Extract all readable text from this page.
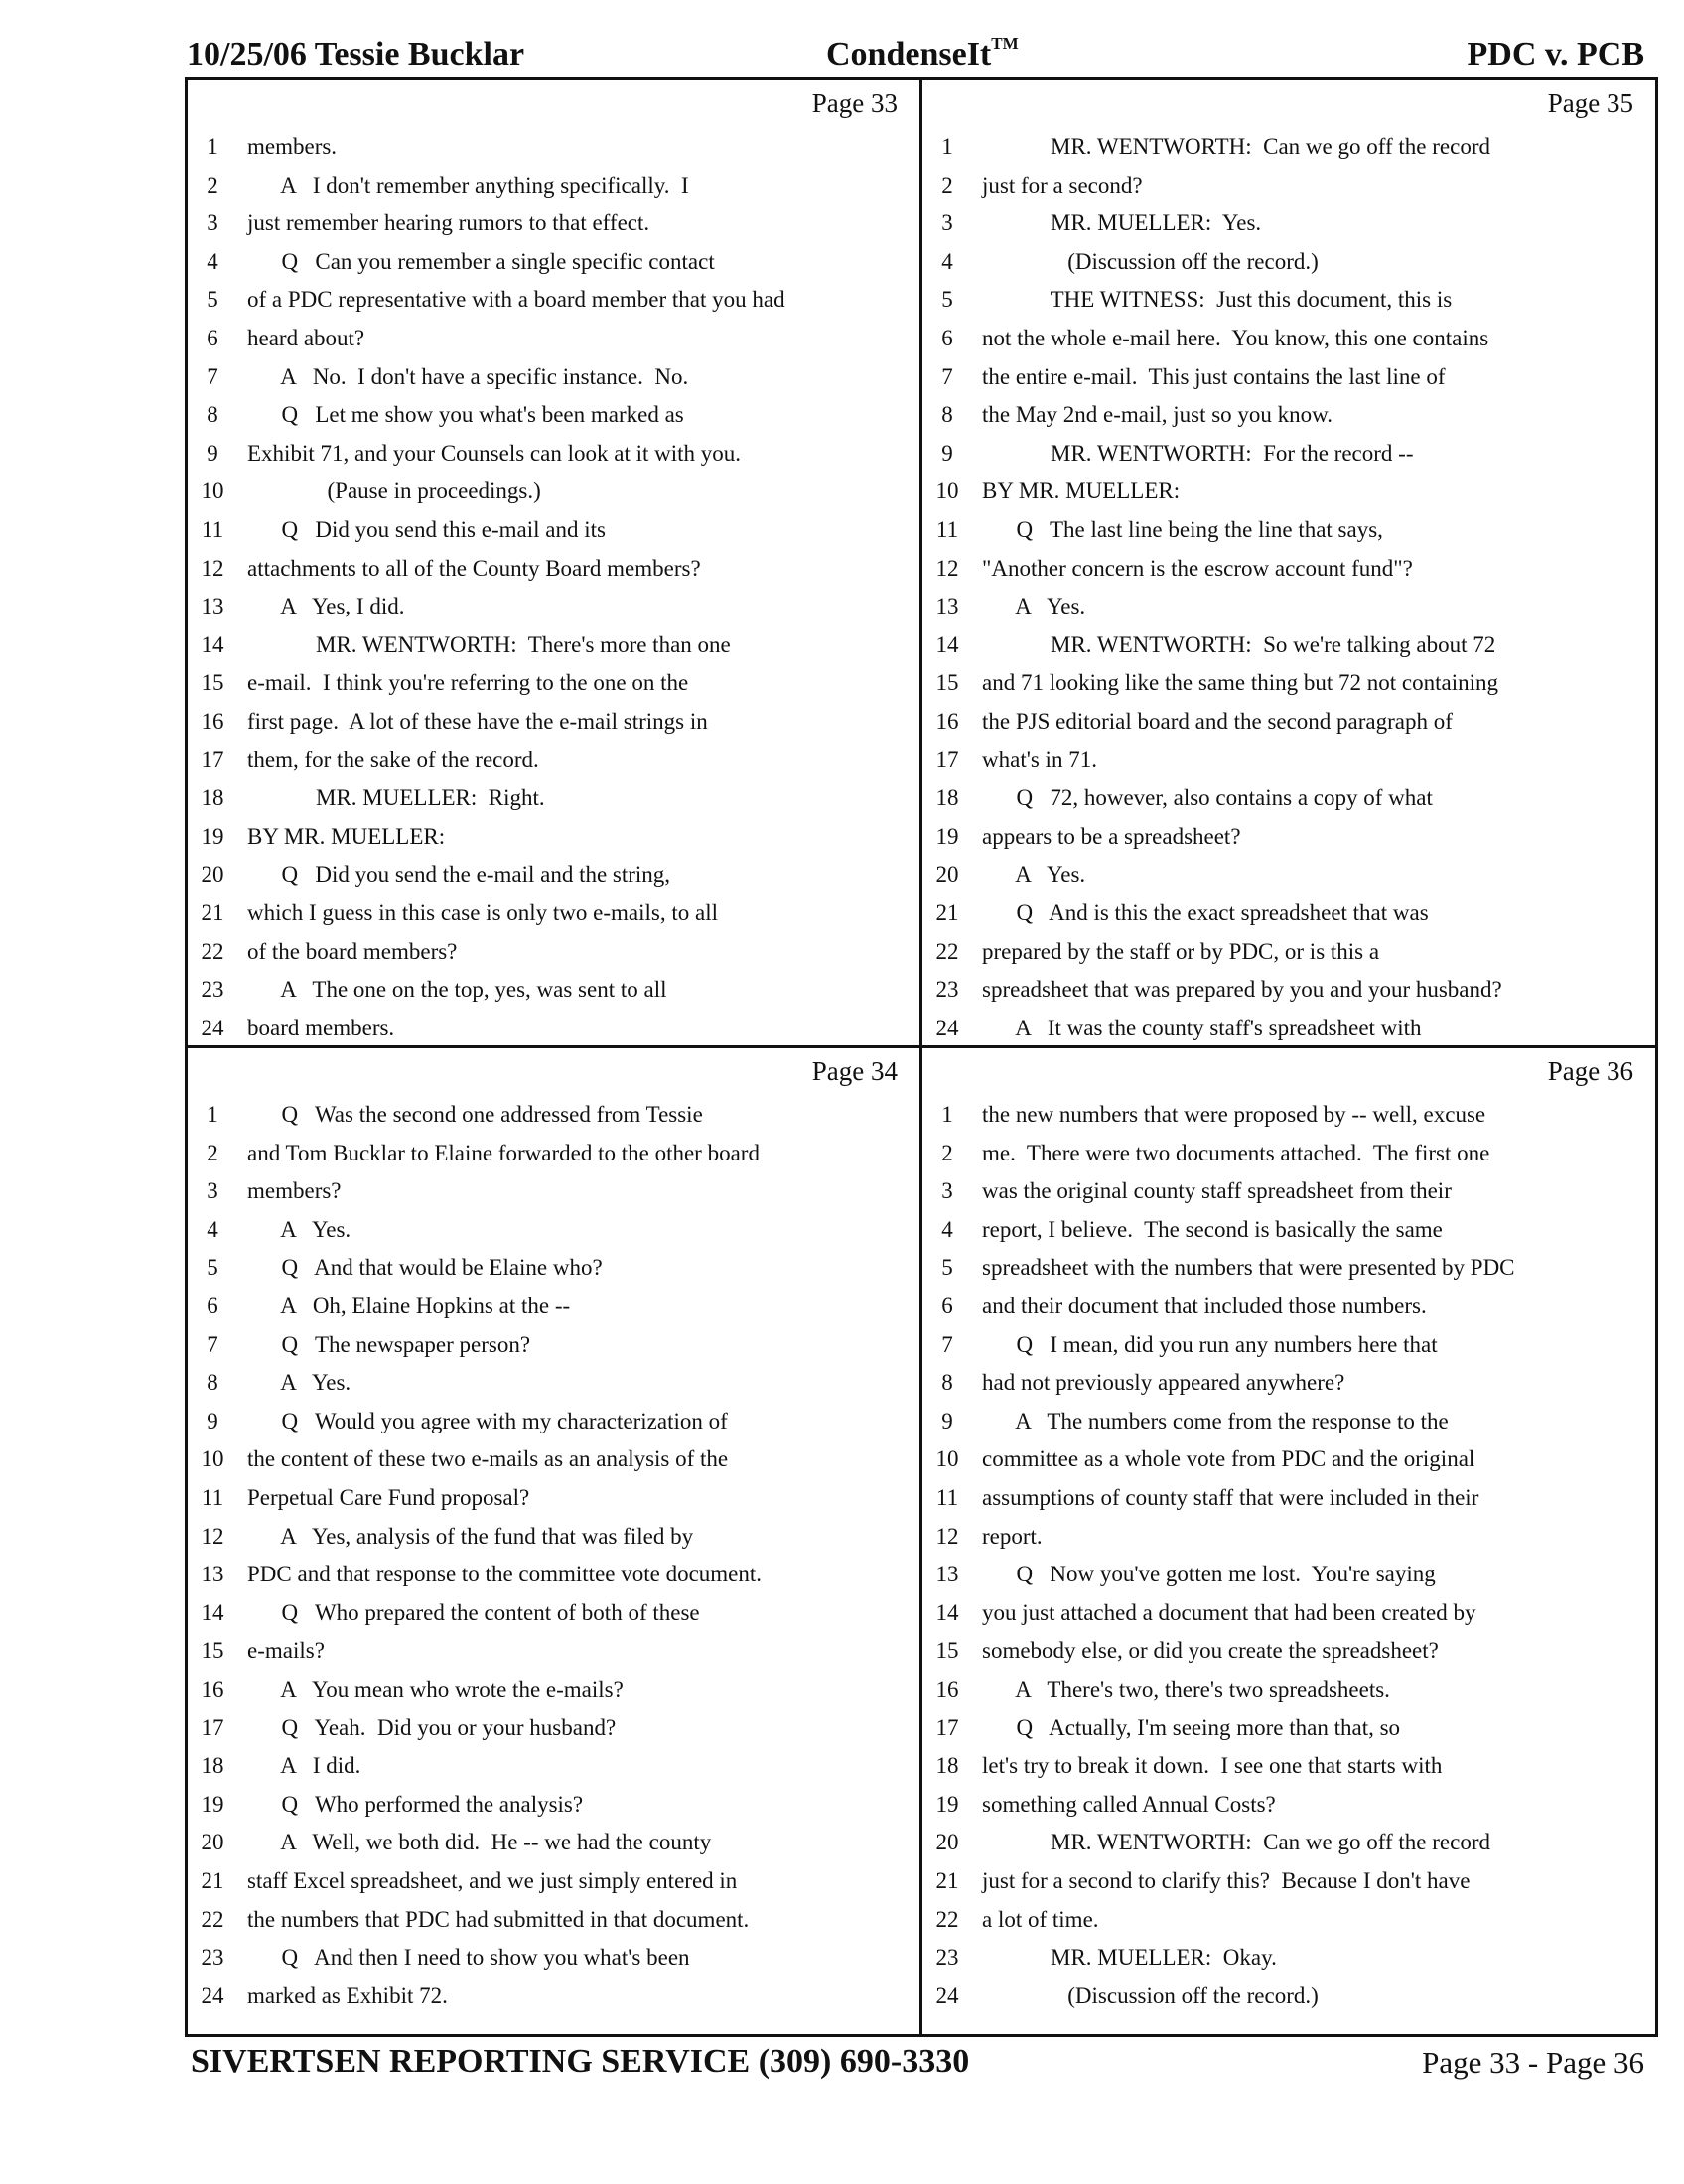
10/25/06 Tessie Bucklar	CondenseIt™	PDC v. PCB
Page 33
1	members.
2	A   I don't remember anything specifically.  I
3	just remember hearing rumors to that effect.
4	Q   Can you remember a single specific contact
5	of a PDC representative with a board member that you had
6	heard about?
7	A   No.  I don't have a specific instance.  No.
8	Q   Let me show you what's been marked as
9	Exhibit 71, and your Counsels can look at it with you.
10 (Pause in proceedings.)
11 Q   Did you send this e-mail and its
12 attachments to all of the County Board members?
13 A   Yes, I did.
14 MR. WENTWORTH:  There's more than one
15 e-mail.  I think you're referring to the one on the
16 first page.  A lot of these have the e-mail strings in
17 them, for the sake of the record.
18 MR. MUELLER:  Right.
19 BY MR. MUELLER:
20 Q   Did you send the e-mail and the string,
21 which I guess in this case is only two e-mails, to all
22 of the board members?
23 A   The one on the top, yes, was sent to all
24 board members.
Page 35
1	MR. WENTWORTH:  Can we go off the record
2	just for a second?
3	MR. MUELLER:  Yes.
4	(Discussion off the record.)
5	THE WITNESS:  Just this document, this is
6	not the whole e-mail here.  You know, this one contains
7	the entire e-mail.  This just contains the last line of
8	the May 2nd e-mail, just so you know.
9	MR. WENTWORTH:  For the record --
10 BY MR. MUELLER:
11 Q   The last line being the line that says,
12 "Another concern is the escrow account fund"?
13 A   Yes.
14 MR. WENTWORTH:  So we're talking about 72
15 and 71 looking like the same thing but 72 not containing
16 the PJS editorial board and the second paragraph of
17 what's in 71.
18 Q   72, however, also contains a copy of what
19 appears to be a spreadsheet?
20 A   Yes.
21 Q   And is this the exact spreadsheet that was
22 prepared by the staff or by PDC, or is this a
23 spreadsheet that was prepared by you and your husband?
24 A   It was the county staff's spreadsheet with
Page 34
1	Q   Was the second one addressed from Tessie
2	and Tom Bucklar to Elaine forwarded to the other board
3	members?
4	A   Yes.
5	Q   And that would be Elaine who?
6	A   Oh, Elaine Hopkins at the --
7	Q   The newspaper person?
8	A   Yes.
9	Q   Would you agree with my characterization of
10 the content of these two e-mails as an analysis of the
11 Perpetual Care Fund proposal?
12 A   Yes, analysis of the fund that was filed by
13 PDC and that response to the committee vote document.
14 Q   Who prepared the content of both of these
15 e-mails?
16 A   You mean who wrote the e-mails?
17 Q   Yeah.  Did you or your husband?
18 A   I did.
19 Q   Who performed the analysis?
20 A   Well, we both did.  He -- we had the county
21 staff Excel spreadsheet, and we just simply entered in
22 the numbers that PDC had submitted in that document.
23 Q   And then I need to show you what's been
24 marked as Exhibit 72.
Page 36
1	the new numbers that were proposed by -- well, excuse
2	me.  There were two documents attached.  The first one
3	was the original county staff spreadsheet from their
4	report, I believe.  The second is basically the same
5	spreadsheet with the numbers that were presented by PDC
6	and their document that included those numbers.
7	Q   I mean, did you run any numbers here that
8	had not previously appeared anywhere?
9	A   The numbers come from the response to the
10 committee as a whole vote from PDC and the original
11 assumptions of county staff that were included in their
12 report.
13 Q   Now you've gotten me lost.  You're saying
14 you just attached a document that had been created by
15 somebody else, or did you create the spreadsheet?
16 A   There's two, there's two spreadsheets.
17 Q   Actually, I'm seeing more than that, so
18 let's try to break it down.  I see one that starts with
19 something called Annual Costs?
20 MR. WENTWORTH:  Can we go off the record
21 just for a second to clarify this?  Because I don't have
22 a lot of time.
23 MR. MUELLER:  Okay.
24 (Discussion off the record.)
SIVERTSEN REPORTING SERVICE (309) 690-3330	Page 33 - Page 36
